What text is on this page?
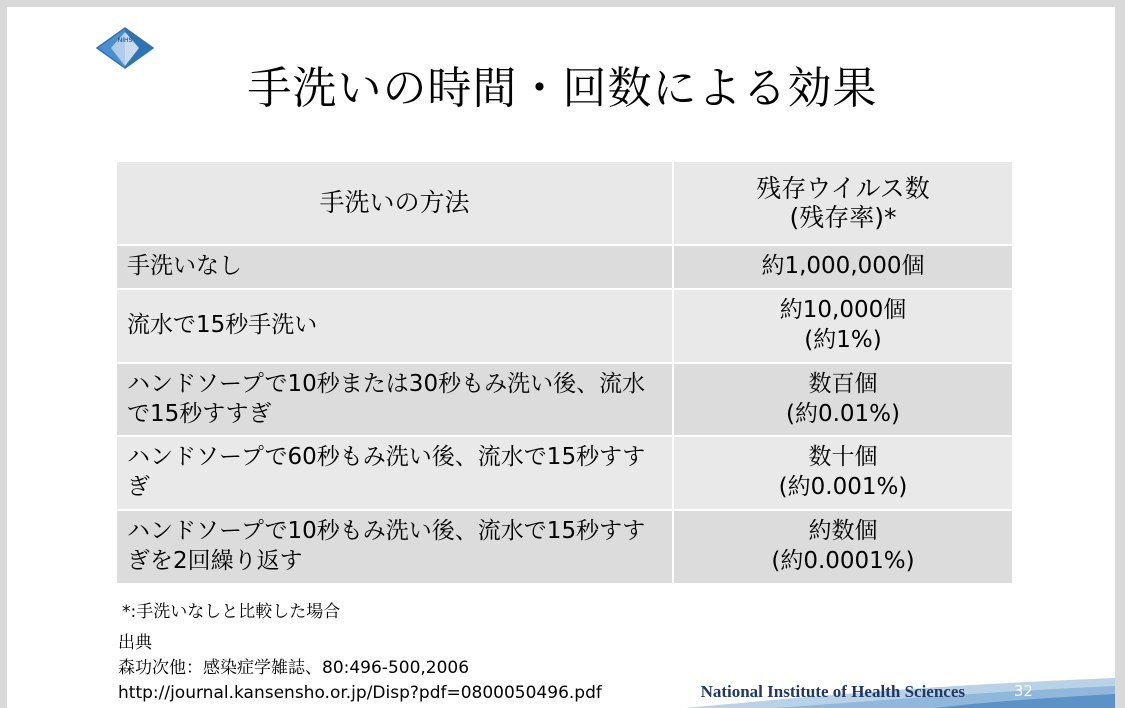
NIHS
手洗いの時間・回数による効果
手洗いの方法	残存ウイルス数
(残存率)*

手洗いなし	約1,000,000個

流水で15秒手洗い	約10,000個
(約1%)

ハンドソープで10秒または30秒もみ洗い後、流水で15秒すすぎ	数百個
(約0.01%)

ハンドソープで60秒もみ洗い後、流水で15秒すすぎ	数十個
(約0.001%)

ハンドソープで10秒もみ洗い後、流水で15秒すすぎを2回繰り返す	約数個
(約0.0001%)
*:手洗いなしと比較した場合
出典
森功次他：感染症学雑誌、80:496-500,2006
http://journal.kansensho.or.jp/Disp?pdf=0800050496.pdf	National Institute of Health Sciences	32
